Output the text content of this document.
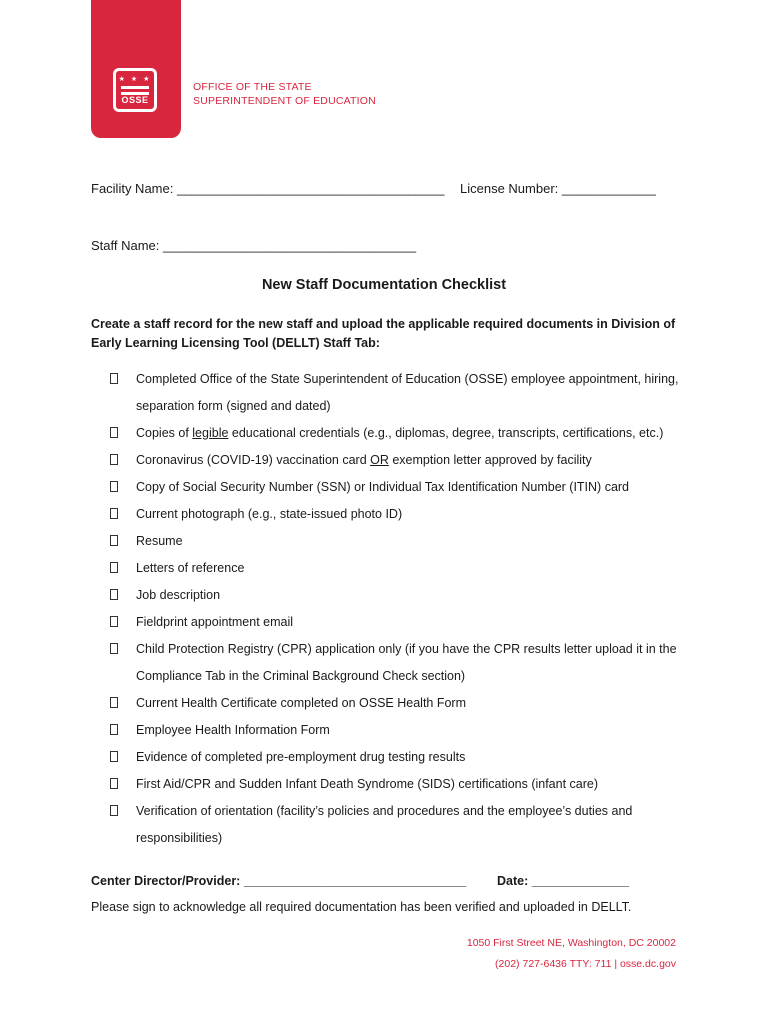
★ ★ ★
OSSE
OFFICE OF THE STATE
SUPERINTENDENT OF EDUCATION
Facility Name: _____________________________________ License Number: _____________
Staff Name: ___________________________________
New Staff Documentation Checklist
Create a staff record for the new staff and upload the applicable required documents in Division of Early Learning Licensing Tool (DELLT) Staff Tab:
Completed Office of the State Superintendent of Education (OSSE) employee appointment, hiring, separation form (signed and dated)
Copies of legible educational credentials (e.g., diplomas, degree, transcripts, certifications, etc.)
Coronavirus (COVID-19) vaccination card OR exemption letter approved by facility
Copy of Social Security Number (SSN) or Individual Tax Identification Number (ITIN) card
Current photograph (e.g., state-issued photo ID)
Resume
Letters of reference
Job description
Fieldprint appointment email
Child Protection Registry (CPR) application only (if you have the CPR results letter upload it in the Compliance Tab in the Criminal Background Check section)
Current Health Certificate completed on OSSE Health Form
Employee Health Information Form
Evidence of completed pre-employment drug testing results
First Aid/CPR and Sudden Infant Death Syndrome (SIDS) certifications (infant care)
Verification of orientation (facility’s policies and procedures and the employee’s duties and responsibilities)
Center Director/Provider: ________________________________ Date: ______________
Please sign to acknowledge all required documentation has been verified and uploaded in DELLT.
1050 First Street NE, Washington, DC 20002
(202) 727-6436 TTY: 711 | osse.dc.gov
